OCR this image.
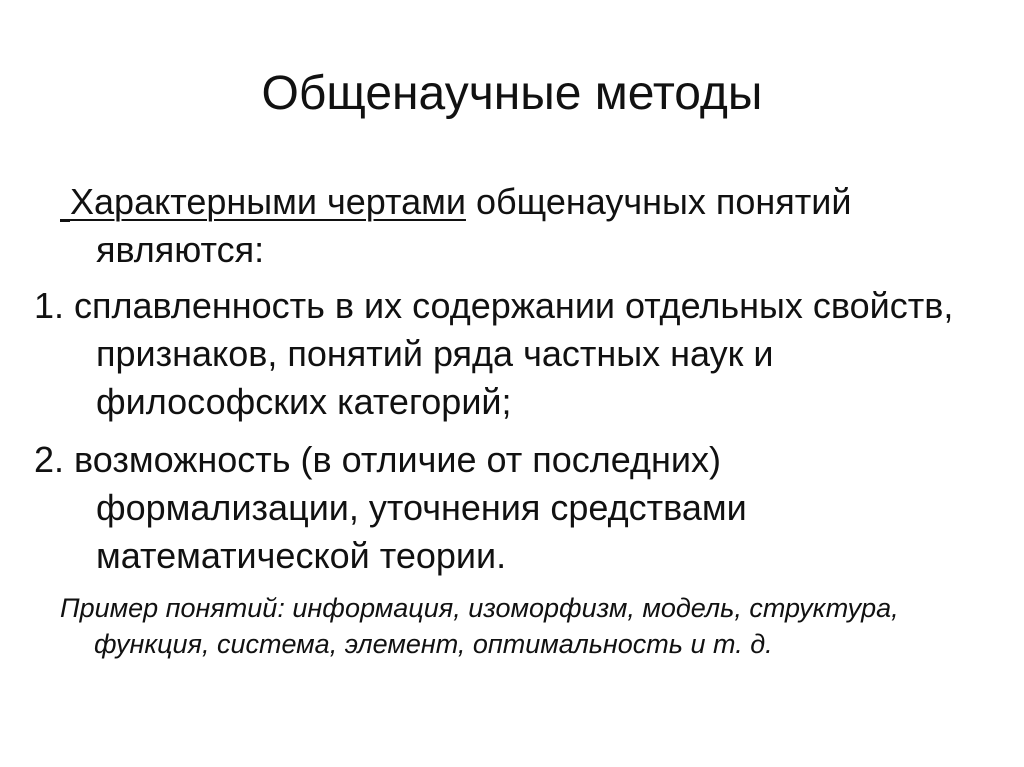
Общенаучные методы

Характерными чертами общенаучных понятий являются:

1. сплавленность в их содержании отдельных свойств, признаков, понятий ряда частных наук и философских категорий;

2. возможность (в отличие от последних) формализации, уточнения средствами математической теории.

Пример понятий: информация, изоморфизм, модель, структура, функция, система, элемент, оптимальность и т. д.
